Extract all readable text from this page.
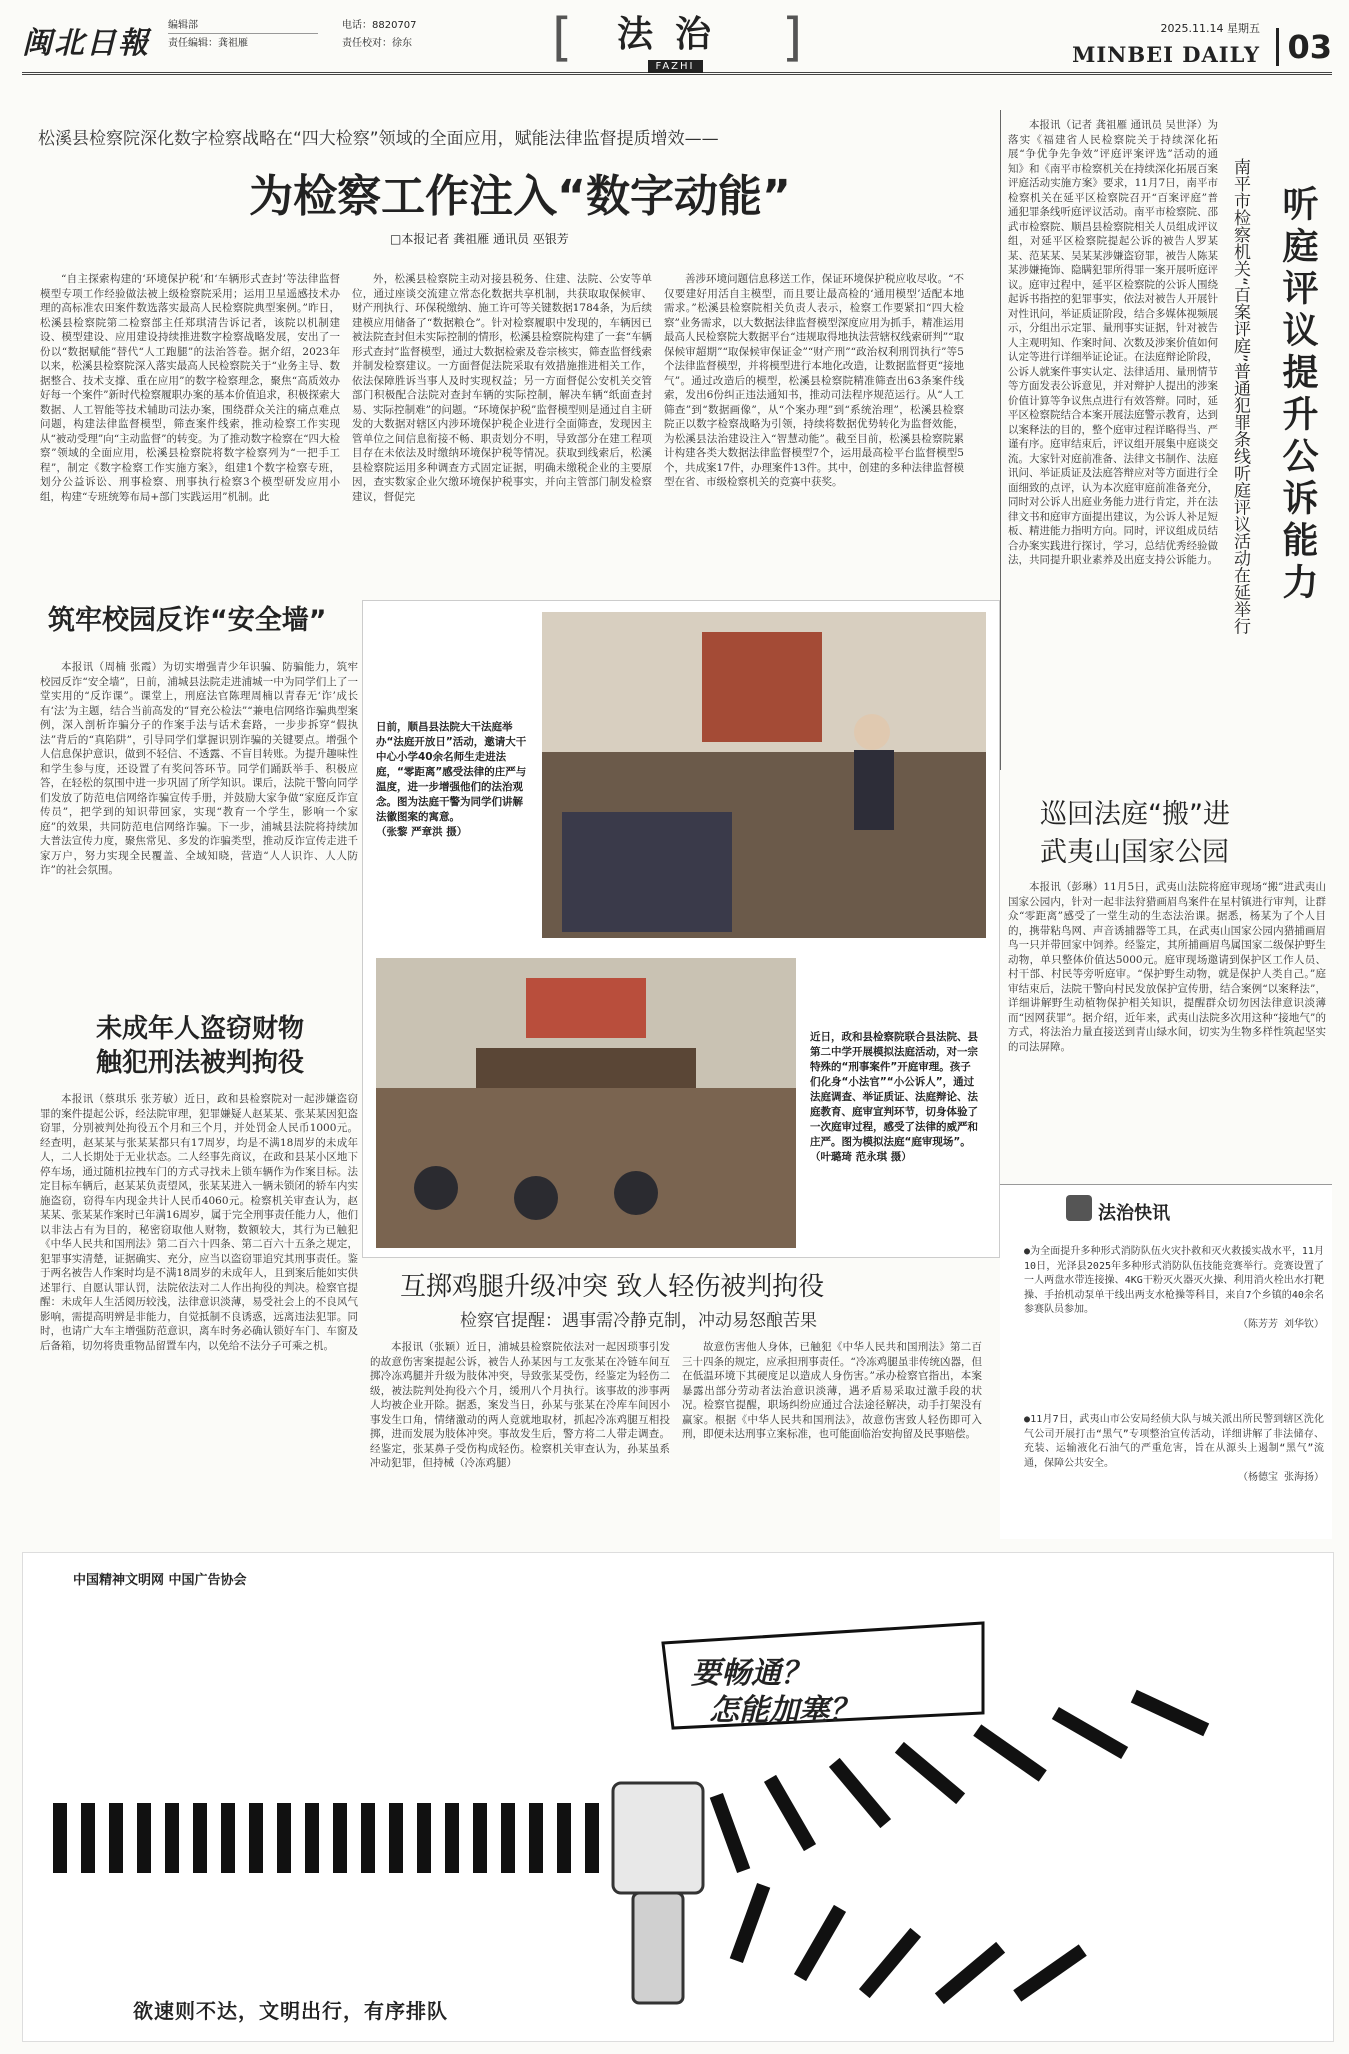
闽北日報
编辑部	电话：8820707
责任编辑：龚祖雁	责任校对：徐东	[	法治
FAZHI	]	2025.11.14 星期五
MINBEI DAILY 03
松溪县检察院深化数字检察战略在“四大检察”领域的全面应用，赋能法律监督提质增效——
为检察工作注入“数字动能”
□本报记者 龚祖雁 通讯员 巫银芳

“自主探索构建的‘环境保护税’和‘车辆形式查封’等法律监督模型专项工作经验做法被上级检察院采用；运用卫星遥感技术办理的高标准农田案件数选落实最高人民检察院典型案例。”昨日，松溪县检察院第二检察部主任郑琪清告诉记者，该院以机制建设、模型建设、应用建设持续推进数字检察战略发展，安出了一份以“数据赋能”替代“人工跑腿”的法治答卷。据介绍，2023年以来，松溪县检察院深入落实最高人民检察院关于“业务主导、数据整合、技术支撑、重在应用”的数字检察理念，聚焦“高质效办好每一个案件”新时代检察履职办案的基本价值追求，积极探索大数据、人工智能等技术辅助司法办案，围绕群众关注的痛点难点问题，构建法律监督模型，筛查案件线索，推动检察工作实现从“被动受理”向“主动监督”的转变。为了推动数字检察在“四大检察”领域的全面应用，松溪县检察院将数字检察列为“一把手工程”，制定《数字检察工作实施方案》，组建1个数字检察专班，划分公益诉讼、刑事检察、刑事执行检察3个模型研发应用小组，构建“专班统筹布局+部门实践运用”机制。此

外，松溪县检察院主动对接县税务、住建、法院、公安等单位，通过座谈交流建立常态化数据共享机制，共获取取保候审、财产刑执行、环保税缴纳、施工许可等关键数据1784条，为后续建模应用储备了“数据粮仓”。针对检察履职中发现的，车辆因已被法院查封但未实际控制的情形，松溪县检察院构建了一套“车辆形式查封”监督模型，通过大数据检索及卷宗核实，筛查监督线索并制发检察建议。一方面督促法院采取有效措施推进相关工作，依法保障胜诉当事人及时实现权益；另一方面督促公安机关交管部门积极配合法院对查封车辆的实际控制，解决车辆“纸面查封易、实际控制难”的问题。“环境保护税”监督模型则是通过自主研发的大数据对辖区内涉环境保护税企业进行全面筛查，发现因主管单位之间信息衔接不畅、职责划分不明，导致部分在建工程项目存在未依法及时缴纳环境保护税等情况。获取到线索后，松溪县检察院运用多种调查方式固定证据，明确未缴税企业的主要原因，查实数家企业欠缴环境保护税事实，并向主管部门制发检察建议，督促完

善涉环境问题信息移送工作，保证环境保护税应收尽收。“不仅要建好用活自主模型，而且要让最高检的‘通用模型’适配本地需求。”松溪县检察院相关负责人表示，检察工作要紧扣“四大检察”业务需求，以大数据法律监督模型深度应用为抓手，精准运用最高人民检察院大数据平台“违规取得地执法营辖权线索研判”“取保候审超期”“取保候审保证金”“财产刑”“政治权利刑罚执行”等5个法律监督模型，并将模型进行本地化改造，让数据监督更“接地气”。通过改造后的模型，松溪县检察院精准筛查出63条案件线索，发出6份纠正违法通知书，推动司法程序规范运行。从“人工筛查”到“数据画像”，从“个案办理”到“系统治理”，松溪县检察院正以数字检察战略为引领，持续将数据优势转化为监督效能，为松溪县法治建设注入“智慧动能”。截至目前，松溪县检察院累计构建各类大数据法律监督模型7个，运用最高检平台监督模型5个，共成案17件，办理案件13件。其中，创建的多种法律监督模型在省、市级检察机关的竞赛中获奖。

本报讯（记者 龚祖雁 通讯员 吴世泽）为落实《福建省人民检察院关于持续深化拓展“争优争先争效”评庭评案评选”活动的通知》和《南平市检察机关在持续深化拓展百案评庭活动实施方案》要求，11月7日，南平市检察机关在延平区检察院召开“百案评庭”普通犯罪条线听庭评议活动。南平市检察院、邵武市检察院、顺昌县检察院相关人员组成评议组，对延平区检察院提起公诉的被告人罗某某、范某某、吴某某涉嫌盗窃罪，被告人陈某某涉嫌掩饰、隐瞒犯罪所得罪一案开展听庭评议。庭审过程中，延平区检察院的公诉人围绕起诉书指控的犯罪事实，依法对被告人开展针对性讯问，举证质证阶段，结合多媒体视频展示，分组出示定罪、量刑事实证据，针对被告人主观明知、作案时间、次数及涉案价值如何认定等进行详细举证论证。在法庭辩论阶段，公诉人就案件事实认定、法律适用、量刑情节等方面发表公诉意见，并对辩护人提出的涉案价值计算等争议焦点进行有效答辩。同时，延平区检察院结合本案开展法庭警示教育，达到以案释法的目的，整个庭审过程详略得当、严谨有序。庭审结束后，评议组开展集中庭谈交流。大家针对庭前准备、法律文书制作、法庭讯问、举证质证及法庭答辩应对等方面进行全面细致的点评，认为本次庭审庭前准备充分，同时对公诉人出庭业务能力进行肯定，并在法律文书和庭审方面提出建议，为公诉人补足短板、精进能力指明方向。同时，评议组成员结合办案实践进行探讨，学习，总结优秀经验做法，共同提升职业素养及出庭支持公诉能力。 听庭评议提升公诉能力
南平市检察机关“百案评庭”普通犯罪条线听庭评议活动在延举行
筑牢校园反诈“安全墙”

本报讯（周楠 张霞）为切实增强青少年识骗、防骗能力，筑牢校园反诈“安全墙”，日前，浦城县法院走进浦城一中为同学们上了一堂实用的“反诈课”。课堂上，刑庭法官陈理周楠以青春无‘诈’成长有‘法’为主题，结合当前高发的“冒充公检法”“兼电信网络诈骗典型案例，深入剖析诈骗分子的作案手法与话术套路，一步步拆穿“假执法”背后的“真陷阱”，引导同学们掌握识别诈骗的关键要点。增强个人信息保护意识，做到不轻信、不透露、不盲目转账。为提升趣味性和学生参与度，还设置了有奖问答环节。同学们踊跃举手、积极应答，在轻松的氛围中进一步巩固了所学知识。课后，法院干警向同学们发放了防范电信网络诈骗宣传手册，并鼓励大家争做“家庭反诈宣传员”，把学到的知识带回家，实现“教育一个学生，影响一个家庭”的效果，共同防范电信网络诈骗。下一步，浦城县法院将持续加大普法宣传力度，聚焦常见、多发的诈骗类型，推动反诈宣传走进千家万户，努力实现全民覆盖、全域知晓，营造“人人识诈、人人防诈”的社会氛围。

未成年人盗窃财物
触犯刑法被判拘役

本报讯（蔡琪乐 张芳敏）近日，政和县检察院对一起涉嫌盗窃罪的案件提起公诉，经法院审理，犯罪嫌疑人赵某某、张某某因犯盗窃罪，分别被判处拘役五个月和三个月，并处罚金人民币1000元。经查明，赵某某与张某某都只有17周岁，均是不满18周岁的未成年人，二人长期处于无业状态。二人经事先商议，在政和县某小区地下停车场，通过随机拉拽车门的方式寻找未上锁车辆作为作案目标。法定目标车辆后，赵某某负责望风，张某某进入一辆未锁闭的轿车内实施盗窃，窃得车内现金共计人民币4060元。检察机关审查认为，赵某某、张某某作案时已年满16周岁，属于完全刑事责任能力人，他们以非法占有为目的，秘密窃取他人财物，数额较大，其行为已触犯《中华人民共和国刑法》第二百六十四条、第二百六十五条之规定，犯罪事实清楚，证据确实、充分，应当以盗窃罪追究其刑事责任。鉴于两名被告人作案时均是不满18周岁的未成年人，且到案后能如实供述罪行、自愿认罪认罚，法院依法对二人作出拘役的判决。检察官提醒：未成年人生活阅历较浅，法律意识淡薄，易受社会上的不良风气影响，需提高明辨是非能力，自觉抵制不良诱惑，远离违法犯罪。同时，也请广大车主增强防范意识，离车时务必确认锁好车门、车窗及后备箱，切勿将贵重物品留置车内，以免给不法分子可乘之机。

日前，顺昌县法院大干法庭举办“法庭开放日”活动，邀请大干中心小学40余名师生走进法庭，“零距离”感受法律的庄严与温度，进一步增强他们的法治观念。图为法庭干警为同学们讲解法徽图案的寓意。
（张黎 严章洪 摄）
近日，政和县检察院联合县法院、县第二中学开展模拟法庭活动，对一宗特殊的“刑事案件”开庭审理。孩子们化身“小法官”“小公诉人”，通过法庭调查、举证质证、法庭辩论、法庭教育、庭审宣判环节，切身体验了一次庭审过程，感受了法律的威严和庄严。图为模拟法庭“庭审现场”。
（叶璐琦 范永琪 摄）
巡回法庭“搬”进
武夷山国家公园

本报讯（彭琳）11月5日，武夷山法院将庭审现场“搬”进武夷山国家公园内，针对一起非法狩猎画眉鸟案件在星村镇进行审判，让群众“零距离”感受了一堂生动的生态法治课。据悉，杨某为了个人目的，携带粘鸟网、声音诱捕器等工具，在武夷山国家公园内猎捕画眉鸟一只并带回家中饲养。经鉴定，其所捕画眉鸟属国家二级保护野生动物，单只整体价值达5000元。庭审现场邀请到保护区工作人员、村干部、村民等旁听庭审。“保护野生动物，就是保护人类自己。”庭审结束后，法院干警向村民发放保护宣传册，结合案例“以案释法”，详细讲解野生动植物保护相关知识，提醒群众切勿因法律意识淡薄而“因网获罪”。据介绍，近年来，武夷山法院多次用这种“接地气”的方式，将法治力量直接送到青山绿水间，切实为生物多样性筑起坚实的司法屏障。

互掷鸡腿升级冲突 致人轻伤被判拘役
检察官提醒：遇事需冷静克制，冲动易怒酿苦果

本报讯（张颖）近日，浦城县检察院依法对一起因琐事引发的故意伤害案提起公诉，被告人孙某因与工友张某在冷链车间互掷冷冻鸡腿并升级为肢体冲突，导致张某受伤，经鉴定为轻伤二级，被法院判处拘役六个月，缓刑八个月执行。该事故的涉事两人均被企业开除。据悉，案发当日，孙某与张某在冷库车间因小事发生口角，情绪激动的两人竟就地取材，抓起冷冻鸡腿互相投掷，进而发展为肢体冲突。事故发生后，警方将二人带走调查。经鉴定，张某鼻子受伤构成轻伤。检察机关审查认为，孙某虽系冲动犯罪，但持械（冷冻鸡腿）

故意伤害他人身体，已触犯《中华人民共和国刑法》第二百三十四条的规定，应承担刑事责任。“冷冻鸡腿虽非传统凶器，但在低温环境下其硬度足以造成人身伤害。”承办检察官指出，本案暴露出部分劳动者法治意识淡薄，遇矛盾易采取过激手段的状况。检察官提醒，职场纠纷应通过合法途径解决，动手打架没有赢家。根据《中华人民共和国刑法》，故意伤害致人轻伤即可入刑，即便未达刑事立案标准，也可能面临治安拘留及民事赔偿。

法治快讯
●为全面提升多种形式消防队伍火灾扑救和灭火救援实战水平，11月10日，光泽县2025年多种形式消防队伍技能竞赛举行。竞赛设置了一人两盘水带连接操、4KG干粉灭火器灭火操、利用消火栓出水打靶操、手抬机动泵单干线出两支水枪操等科目，来自7个乡镇的40余名参赛队员参加。
（陈芳芳 刘华钦）
●11月7日，武夷山市公安局经侦大队与城关派出所民警到辖区洗化气公司开展打击“黑气”专项整治宣传活动，详细讲解了非法储存、充装、运输液化石油气的严重危害，旨在从源头上遏制“黑气”流通，保障公共安全。
（杨德宝 张海扬）
中国精神文明网 中国广告协会
要畅通？
怎能加塞？
欲速则不达，文明出行，有序排队
